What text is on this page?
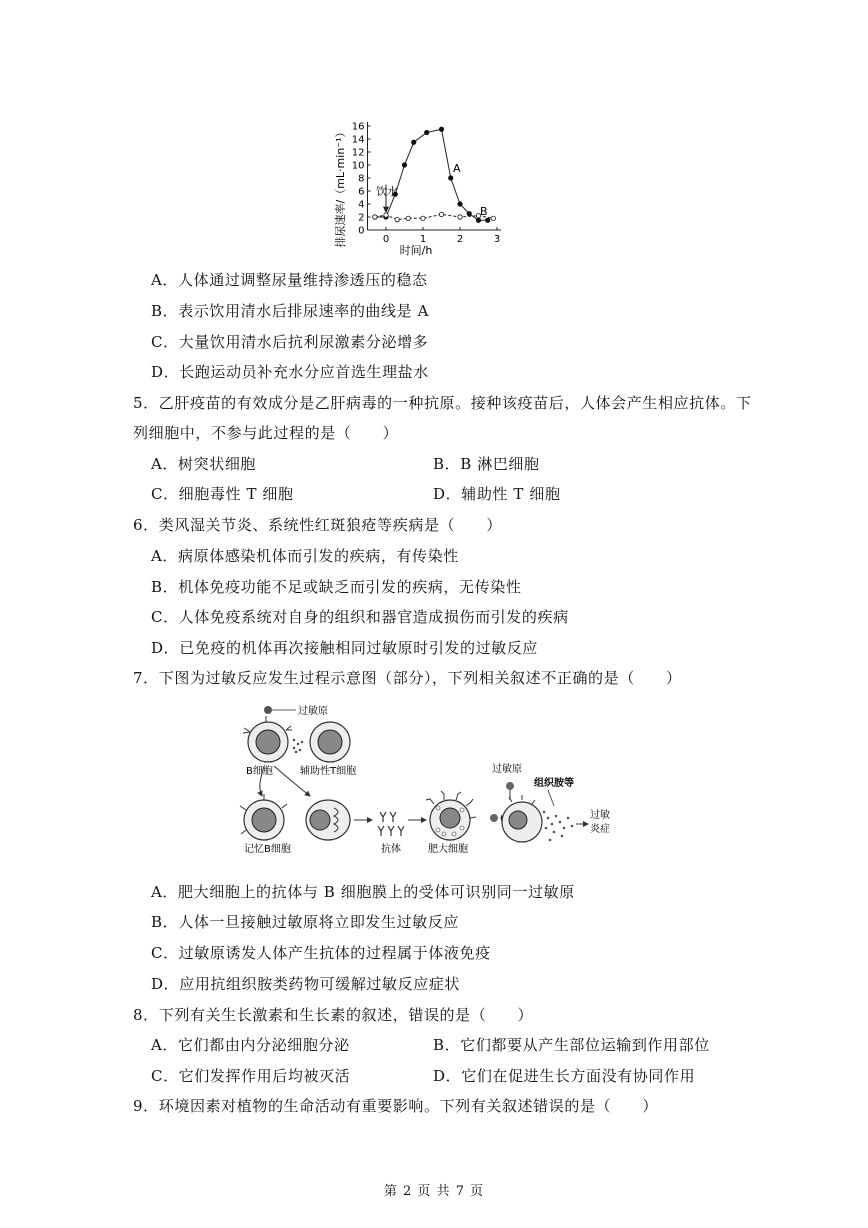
0
2
4
6
8
10
12
14
16
0	1	2	3
排尿速率/（mL·min⁻¹）
时间/h
饮水
A
B
A．人体通过调整尿量维持渗透压的稳态
B．表示饮用清水后排尿速率的曲线是 A
C．大量饮用清水后抗利尿激素分泌增多
D．长跑运动员补充水分应首选生理盐水
5．乙肝疫苗的有效成分是乙肝病毒的一种抗原。接种该疫苗后，人体会产生相应抗体。下
列细胞中，不参与此过程的是（　　）
A．树突状细胞	B．B 淋巴细胞
C．细胞毒性 T 细胞	D．辅助性 T 细胞
6．类风湿关节炎、系统性红斑狼疮等疾病是（　　）
A．病原体感染机体而引发的疾病，有传染性
B．机体免疫功能不足或缺乏而引发的疾病，无传染性
C．人体免疫系统对自身的组织和器官造成损伤而引发的疾病
D．已免疫的机体再次接触相同过敏原时引发的过敏反应
7．下图为过敏反应发生过程示意图（部分），下列相关叙述不正确的是（　　）
过敏原
B细胞	辅助性T细胞
记忆B细胞	抗体	肥大细胞
过敏原
组织胺等
过敏
炎症
A．肥大细胞上的抗体与 B 细胞膜上的受体可识别同一过敏原
B．人体一旦接触过敏原将立即发生过敏反应
C．过敏原诱发人体产生抗体的过程属于体液免疫
D．应用抗组织胺类药物可缓解过敏反应症状
8．下列有关生长激素和生长素的叙述，错误的是（　　）
A．它们都由内分泌细胞分泌	B．它们都要从产生部位运输到作用部位
C．它们发挥作用后均被灭活	D．它们在促进生长方面没有协同作用
9．环境因素对植物的生命活动有重要影响。下列有关叙述错误的是（　　）
第 2 页 共 7 页
